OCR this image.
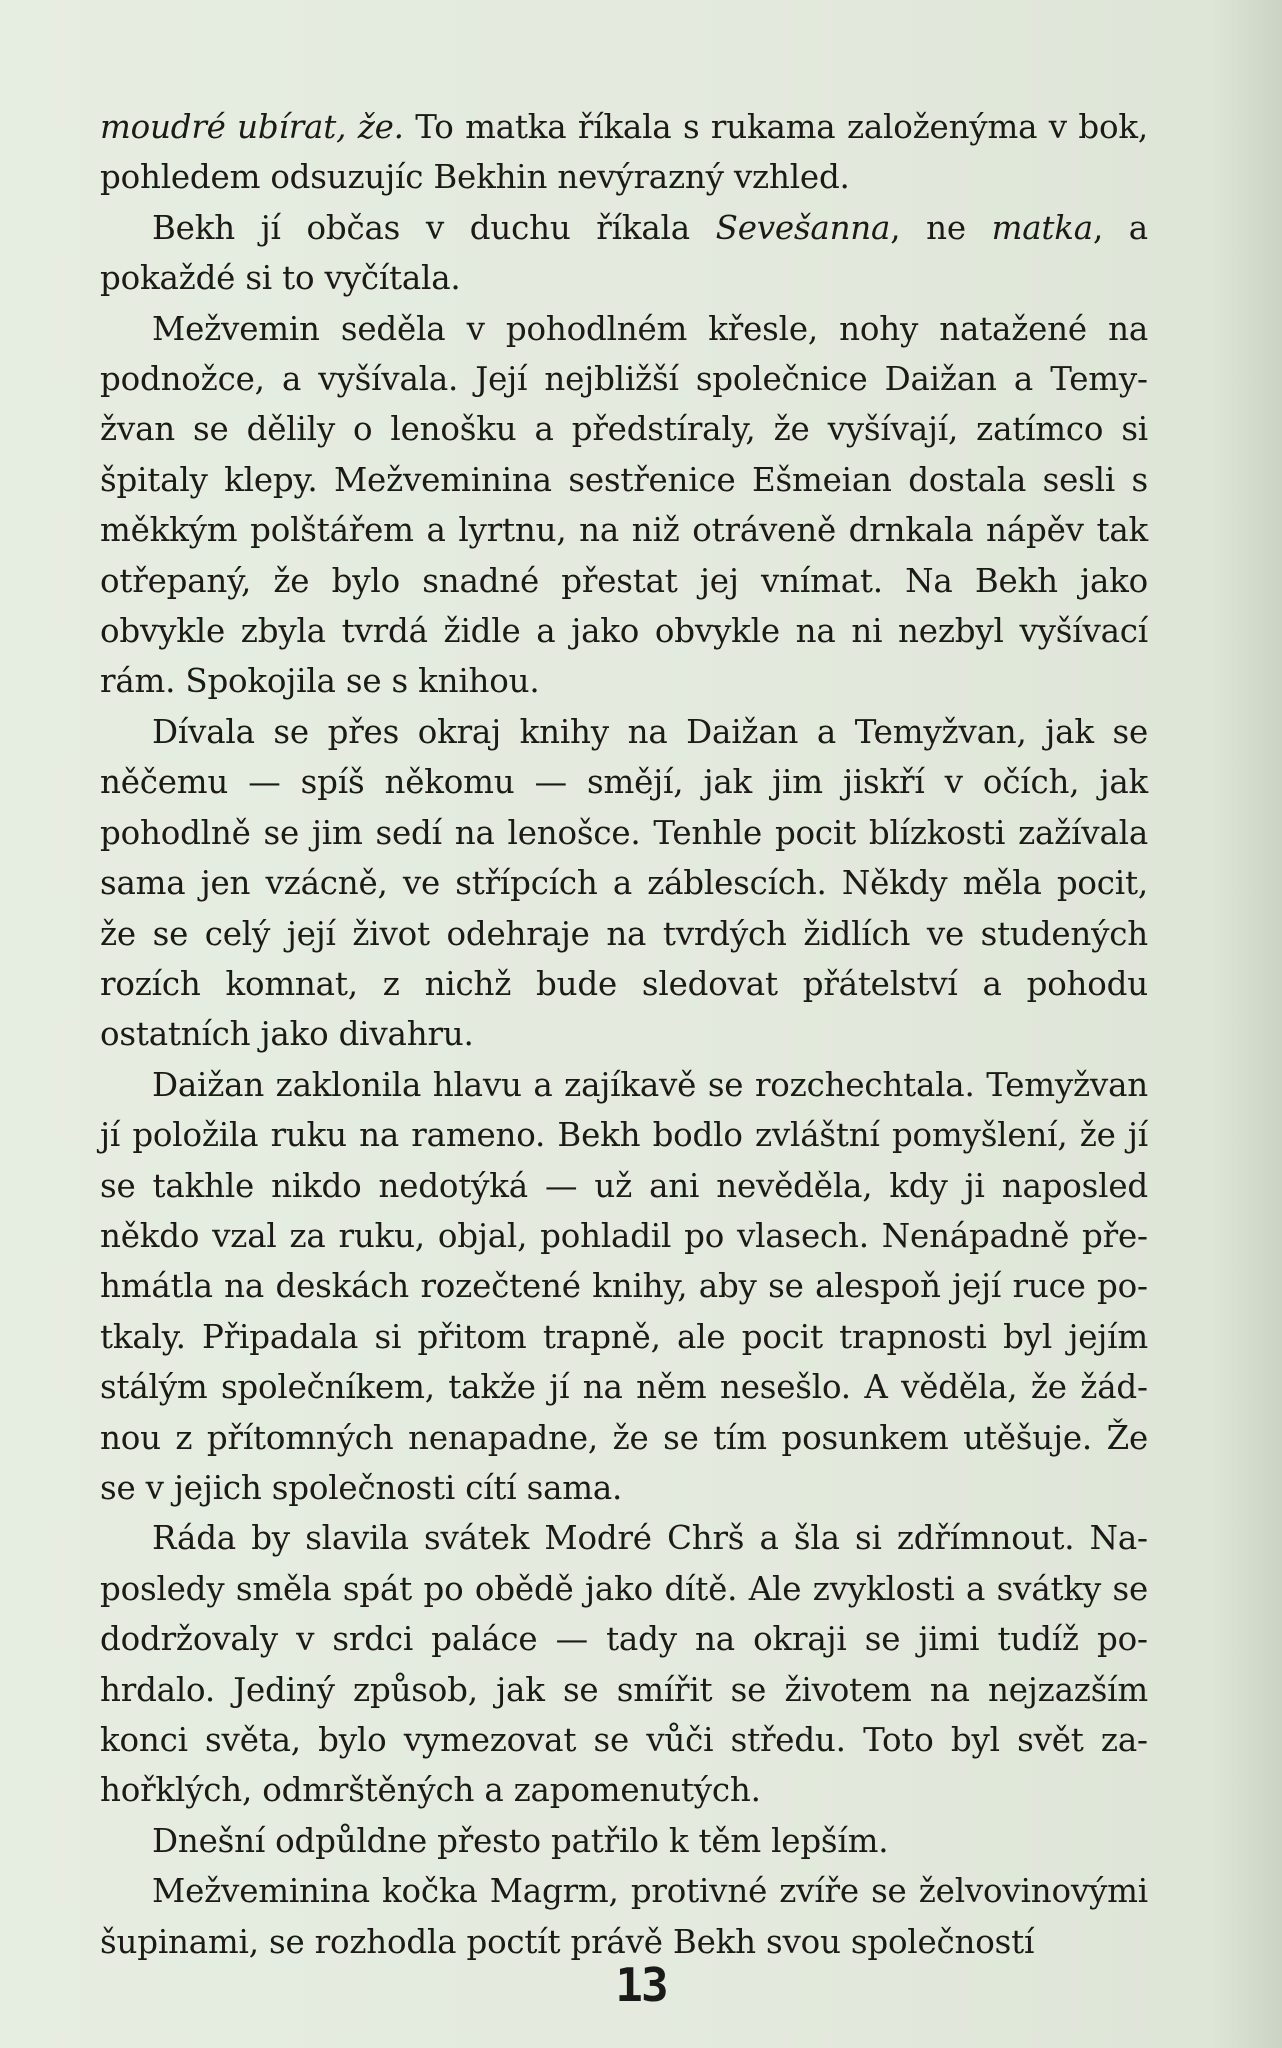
moudré ubírat, že. To matka říkala s rukama založenýma v bok, pohledem odsuzujíc Bekhin nevýrazný vzhled.

Bekh jí občas v duchu říkala Sevešanna, ne matka, a pokaždé si to vyčítala.

Mežvemin seděla v pohodlném křesle, nohy natažené na podnožce, a vyšívala. Její nejbližší společnice Daižan a Temyžvan se dělily o lenošku a předstíraly, že vyšívají, zatímco si špitaly klepy. Mežveminina sestřenice Ešmeian dostala sesli s měkkým polštářem a lyrtnu, na niž otráveně drnkala nápěv tak otřepaný, že bylo snadné přestat jej vnímat. Na Bekh jako obvykle zbyla tvrdá židle a jako obvykle na ni nezbyl vyšívací rám. Spokojila se s knihou.

Dívala se přes okraj knihy na Daižan a Temyžvan, jak se něčemu — spíš někomu — smějí, jak jim jiskří v očích, jak pohodlně se jim sedí na lenošce. Tenhle pocit blízkosti zažívala sama jen vzácně, ve střípcích a záblescích. Někdy měla pocit, že se celý její život odehraje na tvrdých židlích ve studených rozích komnat, z nichž bude sledovat přátelství a pohodu ostatních jako divahru.

Daižan zaklonila hlavu a zajíkavě se rozchechtala. Temyžvan jí položila ruku na rameno. Bekh bodlo zvláštní pomyšlení, že jí se takhle nikdo nedotýká — už ani nevěděla, kdy ji naposled někdo vzal za ruku, objal, pohladil po vlasech. Nenápadně přehmátla na deskách rozečtené knihy, aby se alespoň její ruce potkaly. Připadala si přitom trapně, ale pocit trapnosti byl jejím stálým společníkem, takže jí na něm nesešlo. A věděla, že žádnou z přítomných nenapadne, že se tím posunkem utěšuje. Že se v jejich společnosti cítí sama.

Ráda by slavila svátek Modré Chrš a šla si zdřímnout. Naposledy směla spát po obědě jako dítě. Ale zvyklosti a svátky se dodržovaly v srdci paláce — tady na okraji se jimi tudíž pohrdalo. Jediný způsob, jak se smířit se životem na nejzazším konci světa, bylo vymezovat se vůči středu. Toto byl svět zahořklých, odmrštěných a zapomenutých.

Dnešní odpůldne přesto patřilo k těm lepším.

Mežveminina kočka Magrm, protivné zvíře se želvovinovými šupinami, se rozhodla poctít právě Bekh svou společností

13
